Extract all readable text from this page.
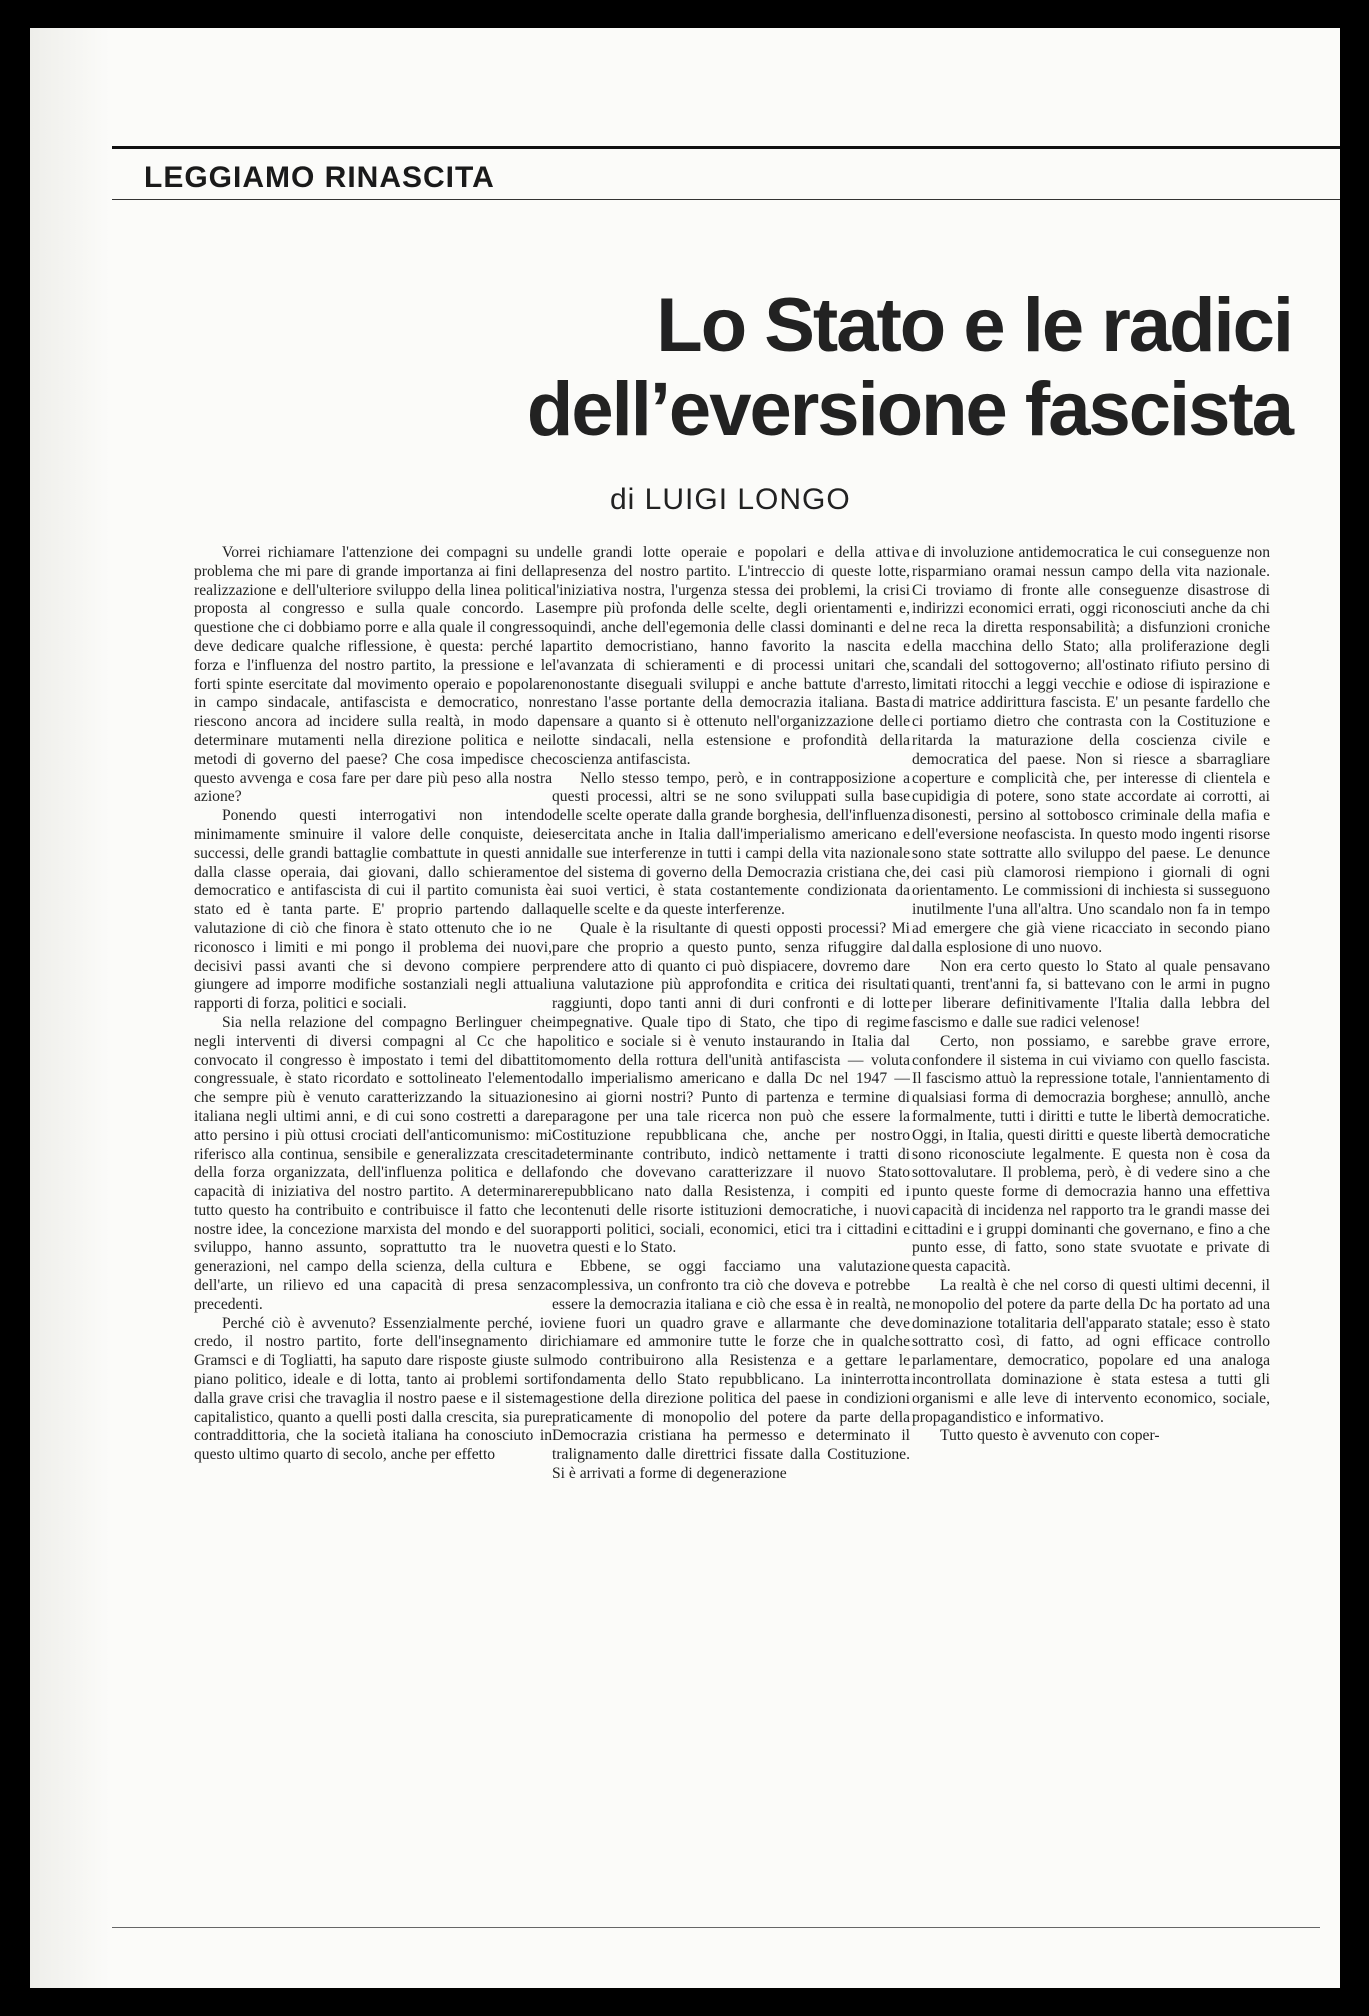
LEGGIAMO RINASCITA
Lo Stato e le radici
dell’eversione fascista
di LUIGI LONGO

Vorrei richiamare l'attenzione dei compagni su un problema che mi pare di grande importanza ai fini della realizzazione e dell'ulteriore sviluppo della linea politica proposta al congresso e sulla quale concordo. La questione che ci dobbiamo porre e alla quale il congresso deve dedicare qualche riflessione, è questa: perché la forza e l'influenza del nostro partito, la pressione e le forti spinte esercitate dal movimento operaio e popolare in campo sindacale, antifascista e democratico, non riescono ancora ad incidere sulla realtà, in modo da determinare mutamenti nella direzione politica e nei metodi di governo del paese? Che cosa impedisce che questo avvenga e cosa fare per dare più peso alla nostra azione?

Ponendo questi interrogativi non intendo minimamente sminuire il valore delle conquiste, dei successi, delle grandi battaglie combattute in questi anni dalla classe operaia, dai giovani, dallo schieramento democratico e antifascista di cui il partito comunista è stato ed è tanta parte. E' proprio partendo dalla valutazione di ciò che finora è stato ottenuto che io ne riconosco i limiti e mi pongo il problema dei nuovi, decisivi passi avanti che si devono compiere per giungere ad imporre modifiche sostanziali negli attuali rapporti di forza, politici e sociali.

Sia nella relazione del compagno Berlinguer che negli interventi di diversi compagni al Cc che ha convocato il congresso è impostato i temi del dibattito congressuale, è stato ricordato e sottolineato l'elemento che sempre più è venuto caratterizzando la situazione italiana negli ultimi anni, e di cui sono costretti a dare atto persino i più ottusi crociati dell'anticomunismo: mi riferisco alla continua, sensibile e generalizzata crescita della forza organizzata, dell'influenza politica e della capacità di iniziativa del nostro partito. A determinare tutto questo ha contribuito e contribuisce il fatto che le nostre idee, la concezione marxista del mondo e del suo sviluppo, hanno assunto, soprattutto tra le nuove generazioni, nel campo della scienza, della cultura e dell'arte, un rilievo ed una capacità di presa senza precedenti.

Perché ciò è avvenuto? Essenzialmente perché, io credo, il nostro partito, forte dell'insegnamento di Gramsci e di Togliatti, ha saputo dare risposte giuste sul piano politico, ideale e di lotta, tanto ai problemi sorti dalla grave crisi che travaglia il nostro paese e il sistema capitalistico, quanto a quelli posti dalla crescita, sia pure contraddittoria, che la società italiana ha conosciuto in questo ultimo quarto di secolo, anche per effetto

delle grandi lotte operaie e popolari e della attiva presenza del nostro partito. L'intreccio di queste lotte, l'iniziativa nostra, l'urgenza stessa dei problemi, la crisi sempre più profonda delle scelte, degli orientamenti e, quindi, anche dell'egemonia delle classi dominanti e del partito democristiano, hanno favorito la nascita e l'avanzata di schieramenti e di processi unitari che, nonostante diseguali sviluppi e anche battute d'arresto, restano l'asse portante della democrazia italiana. Basta pensare a quanto si è ottenuto nell'organizzazione delle lotte sindacali, nella estensione e profondità della coscienza antifascista.

Nello stesso tempo, però, e in contrapposizione a questi processi, altri se ne sono sviluppati sulla base delle scelte operate dalla grande borghesia, dell'influenza esercitata anche in Italia dall'imperialismo americano e dalle sue interferenze in tutti i campi della vita nazionale e del sistema di governo della Democrazia cristiana che, ai suoi vertici, è stata costantemente condizionata da quelle scelte e da queste interferenze.

Quale è la risultante di questi opposti processi? Mi pare che proprio a questo punto, senza rifuggire dal prendere atto di quanto ci può dispiacere, dovremo dare una valutazione più approfondita e critica dei risultati raggiunti, dopo tanti anni di duri confronti e di lotte impegnative. Quale tipo di Stato, che tipo di regime politico e sociale si è venuto instaurando in Italia dal momento della rottura dell'unità antifascista — voluta dallo imperialismo americano e dalla Dc nel 1947 — sino ai giorni nostri? Punto di partenza e termine di paragone per una tale ricerca non può che essere la Costituzione repubblicana che, anche per nostro determinante contributo, indicò nettamente i tratti di fondo che dovevano caratterizzare il nuovo Stato repubblicano nato dalla Resistenza, i compiti ed i contenuti delle risorte istituzioni democratiche, i nuovi rapporti politici, sociali, economici, etici tra i cittadini e tra questi e lo Stato.

Ebbene, se oggi facciamo una valutazione complessiva, un confronto tra ciò che doveva e potrebbe essere la democrazia italiana e ciò che essa è in realtà, ne viene fuori un quadro grave e allarmante che deve richiamare ed ammonire tutte le forze che in qualche modo contribuirono alla Resistenza e a gettare le fondamenta dello Stato repubblicano. La ininterrotta gestione della direzione politica del paese in condizioni praticamente di monopolio del potere da parte della Democrazia cristiana ha permesso e determinato il tralignamento dalle direttrici fissate dalla Costituzione. Si è arrivati a forme di degenerazione

e di involuzione antidemocratica le cui conseguenze non risparmiano oramai nessun campo della vita nazionale. Ci troviamo di fronte alle conseguenze disastrose di indirizzi economici errati, oggi riconosciuti anche da chi ne reca la diretta responsabilità; a disfunzioni croniche della macchina dello Stato; alla proliferazione degli scandali del sottogoverno; all'ostinato rifiuto persino di limitati ritocchi a leggi vecchie e odiose di ispirazione e di matrice addirittura fascista. E' un pesante fardello che ci portiamo dietro che contrasta con la Costituzione e ritarda la maturazione della coscienza civile e democratica del paese. Non si riesce a sbarragliare coperture e complicità che, per interesse di clientela e cupidigia di potere, sono state accordate ai corrotti, ai disonesti, persino al sottobosco criminale della mafia e dell'eversione neofascista. In questo modo ingenti risorse sono state sottratte allo sviluppo del paese. Le denunce dei casi più clamorosi riempiono i giornali di ogni orientamento. Le commissioni di inchiesta si susseguono inutilmente l'una all'altra. Uno scandalo non fa in tempo ad emergere che già viene ricacciato in secondo piano dalla esplosione di uno nuovo.

Non era certo questo lo Stato al quale pensavano quanti, trent'anni fa, si battevano con le armi in pugno per liberare definitivamente l'Italia dalla lebbra del fascismo e dalle sue radici velenose!

Certo, non possiamo, e sarebbe grave errore, confondere il sistema in cui viviamo con quello fascista. Il fascismo attuò la repressione totale, l'annientamento di qualsiasi forma di democrazia borghese; annullò, anche formalmente, tutti i diritti e tutte le libertà democratiche. Oggi, in Italia, questi diritti e queste libertà democratiche sono riconosciute legalmente. E questa non è cosa da sottovalutare. Il problema, però, è di vedere sino a che punto queste forme di democrazia hanno una effettiva capacità di incidenza nel rapporto tra le grandi masse dei cittadini e i gruppi dominanti che governano, e fino a che punto esse, di fatto, sono state svuotate e private di questa capacità.

La realtà è che nel corso di questi ultimi decenni, il monopolio del potere da parte della Dc ha portato ad una dominazione totalitaria dell'apparato statale; esso è stato sottratto così, di fatto, ad ogni efficace controllo parlamentare, democratico, popolare ed una analoga incontrollata dominazione è stata estesa a tutti gli organismi e alle leve di intervento economico, sociale, propagandistico e informativo.

Tutto questo è avvenuto con coper-
